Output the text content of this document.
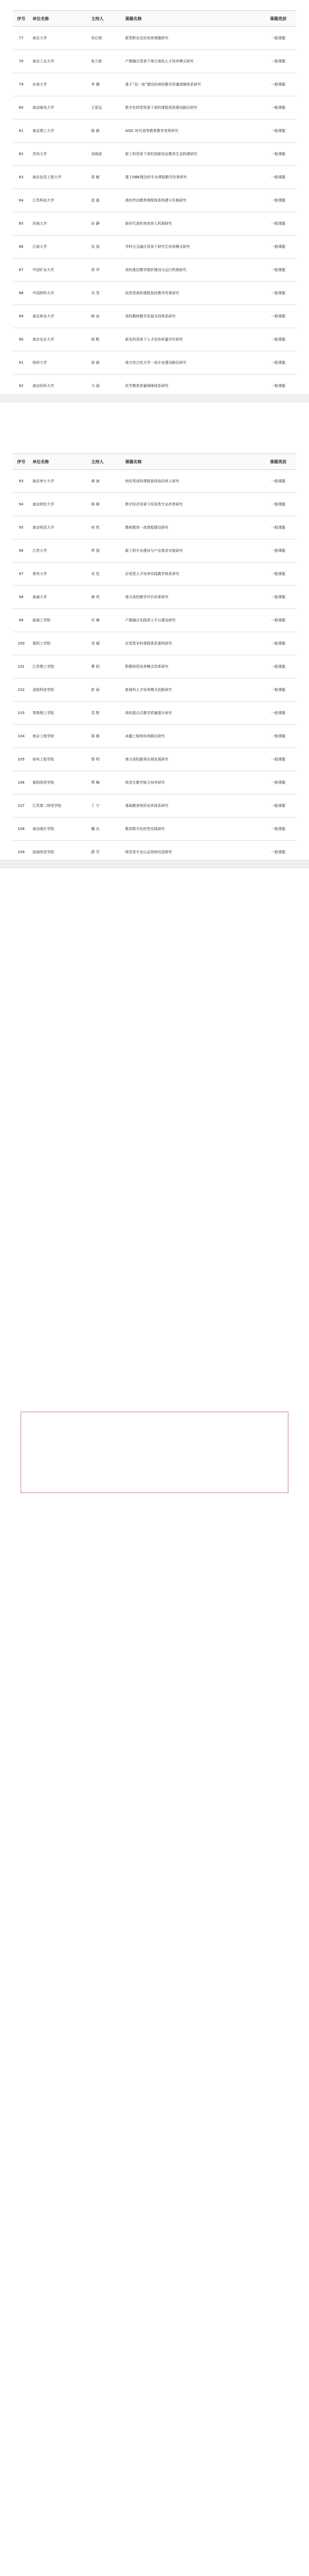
序号	单位名称	主持人	课题名称	课题类别
77	南京大学	朱红根	新型职业农民培育课题研究	一般课题
78	南京工业大学	张立新	产教融合背景下地方高校人才培养模式研究	一般课题
79	东南大学	李 娜	基于“双一流”建设的高校教学质量保障体系研究	一般课题
80	南京邮电大学	王思远	数字化转型背景下高校课程思政建设路径研究	一般课题
81	南京理工大学	陈 颖	AIGC 时代高等教育教学变革研究	一般课题
82	苏州大学	刘海波	新工科背景下高校创新创业教育生态构建研究	一般课题
83	南京信息工程大学	周 敏	基于OBE理念的专业课程教学改革研究	一般课题
84	江苏科技大学	赵 磊	高校劳动教育课程体系构建与实施研究	一般课题
85	河海大学	孙 静	新时代高校美育育人机制研究	一般课题
86	江南大学	吴 涛	学科交叉融合背景下研究生培养模式研究	一般课题
87	中国矿业大学	郑 华	高校基层教学组织建设与运行机制研究	一般课题
88	中国药科大学	冯 雪	医药类高校课程思政教学改革研究	一般课题
89	南京林业大学	韩 冰	高校教师教学发展支持体系研究	一般课题
90	南京农业大学	杨 帆	新农科背景下人才培养质量评价研究	一般课题
91	扬州大学	徐 晨	地方综合性大学一流专业建设路径研究	一般课题
92	南京医科大学	马 丽	医学教育质量保障体系研究	一般课题
序号	单位名称	主持人	课题名称	课题类别
93	南京审计大学	黄 海	财经类高校课程思政协同育人研究	一般课题
94	南京财经大学	林 峰	数字经济背景下经管类专业改革研究	一般课题
95	南京师范大学	何 欣	教师教育一流课程建设研究	一般课题
96	江苏大学	罗 强	新工科专业建设与产业需求对接研究	一般课题
97	常州大学	宋 佳	应用型人才培养实践教学体系研究	一般课题
98	南通大学	唐 亮	地方高校教学评价改革研究	一般课题
99	盐城工学院	许 琳	产教融合实践育人平台建设研究	一般课题
100	淮阴工学院	邓 超	应用型本科课程体系重构研究	一般课题
101	江苏理工学院	曹 阳	职教师资培养模式改革研究	一般课题
102	金陵科技学院	彭 雨	新商科人才培养模式创新研究	一般课题
103	常熟理工学院	袁 野	高校混合式教学质量提升研究	一般课题
104	南京工程学院	蒋 薇	卓越工程师培养路径研究	一般课题
105	徐州工程学院	蔡 明	地方高校服务区域发展研究	一般课题
106	淮阴师范学院	贾 楠	师范生教学能力培养研究	一般课题
107	江苏第二师范学院	丁 宁	基础教育师资培养体系研究	一般课题
108	南京晓庄学院	魏 东	教育数字化转型实践研究	一般课题
109	盐城师范学院	薛 芳	师范类专业认证持续改进研究	一般课题
